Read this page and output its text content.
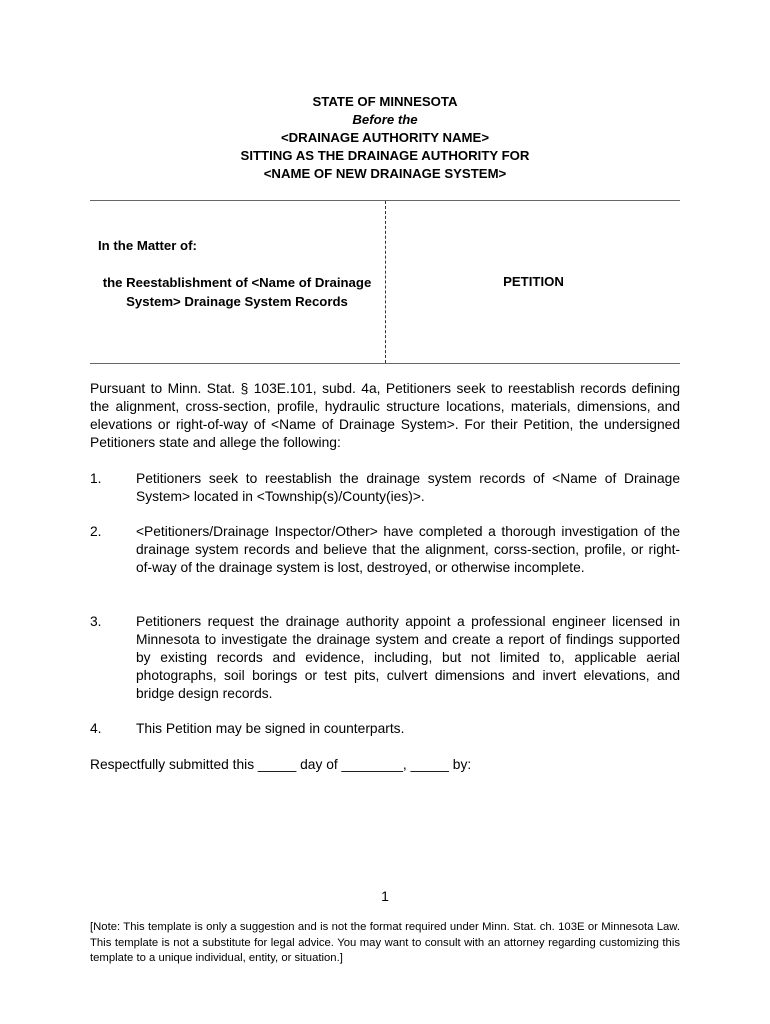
STATE OF MINNESOTA
Before the
<DRAINAGE AUTHORITY NAME>
SITTING AS THE DRAINAGE AUTHORITY FOR
<NAME OF NEW DRAINAGE SYSTEM>
In the Matter of:
the Reestablishment of <Name of Drainage System> Drainage System Records
PETITION
Pursuant to Minn. Stat. § 103E.101, subd. 4a, Petitioners seek to reestablish records defining the alignment, cross-section, profile, hydraulic structure locations, materials, dimensions, and elevations or right-of-way of <Name of Drainage System>. For their Petition, the undersigned Petitioners state and allege the following:
1. Petitioners seek to reestablish the drainage system records of <Name of Drainage System> located in <Township(s)/County(ies)>.
2. <Petitioners/Drainage Inspector/Other> have completed a thorough investigation of the drainage system records and believe that the alignment, corss-section, profile, or right-of-way of the drainage system is lost, destroyed, or otherwise incomplete.
3. Petitioners request the drainage authority appoint a professional engineer licensed in Minnesota to investigate the drainage system and create a report of findings supported by existing records and evidence, including, but not limited to, applicable aerial photographs, soil borings or test pits, culvert dimensions and invert elevations, and bridge design records.
4. This Petition may be signed in counterparts.
Respectfully submitted this _____ day of ________, _____ by:
1
[Note: This template is only a suggestion and is not the format required under Minn. Stat. ch. 103E or Minnesota Law. This template is not a substitute for legal advice. You may want to consult with an attorney regarding customizing this template to a unique individual, entity, or situation.]
